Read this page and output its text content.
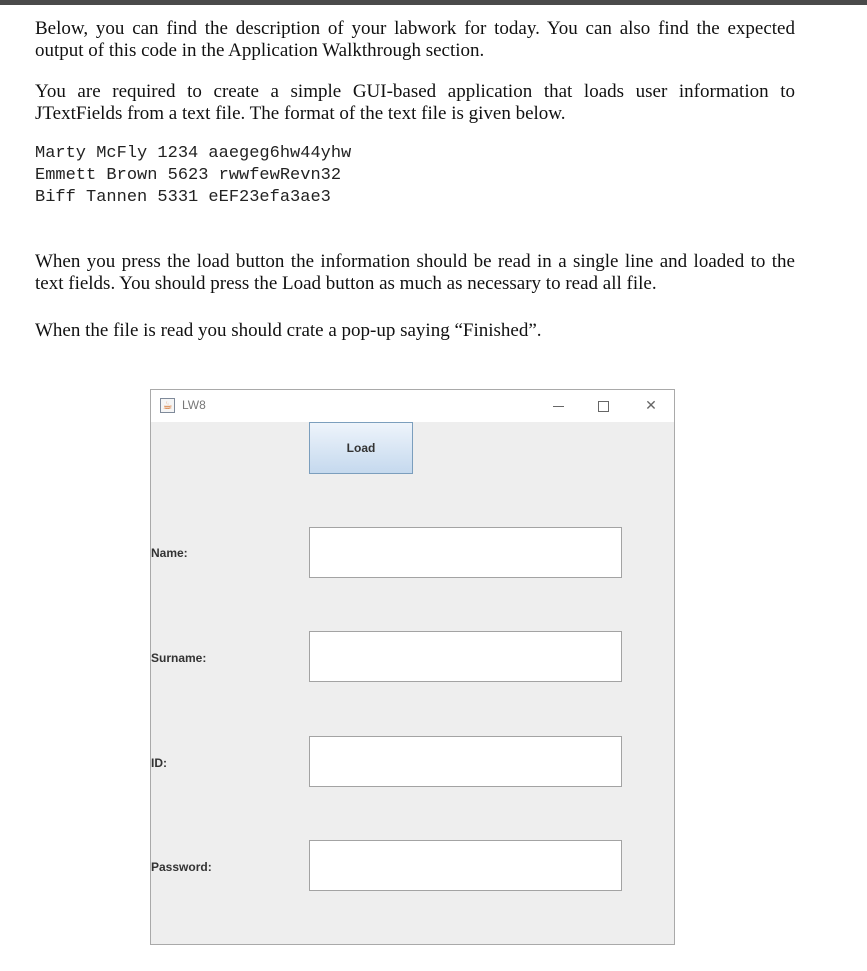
Below, you can find the description of your labwork for today. You can also find the expected output of this code in the Application Walkthrough section.
You are required to create a simple GUI-based application that loads user information to JTextFields from a text file. The format of the text file is given below.
Marty McFly 1234 aaegeg6hw44yhw
Emmett Brown 5623 rwwfewRevn32
Biff Tannen 5331 eEF23efa3ae3
When you press the load button the information should be read in a single line and loaded to the text fields. You should press the Load button as much as necessary to read all file.
When the file is read you should crate a pop-up saying “Finished”.
☕ LW8	✕
Load
Name:
Surname:
ID:
Password:
